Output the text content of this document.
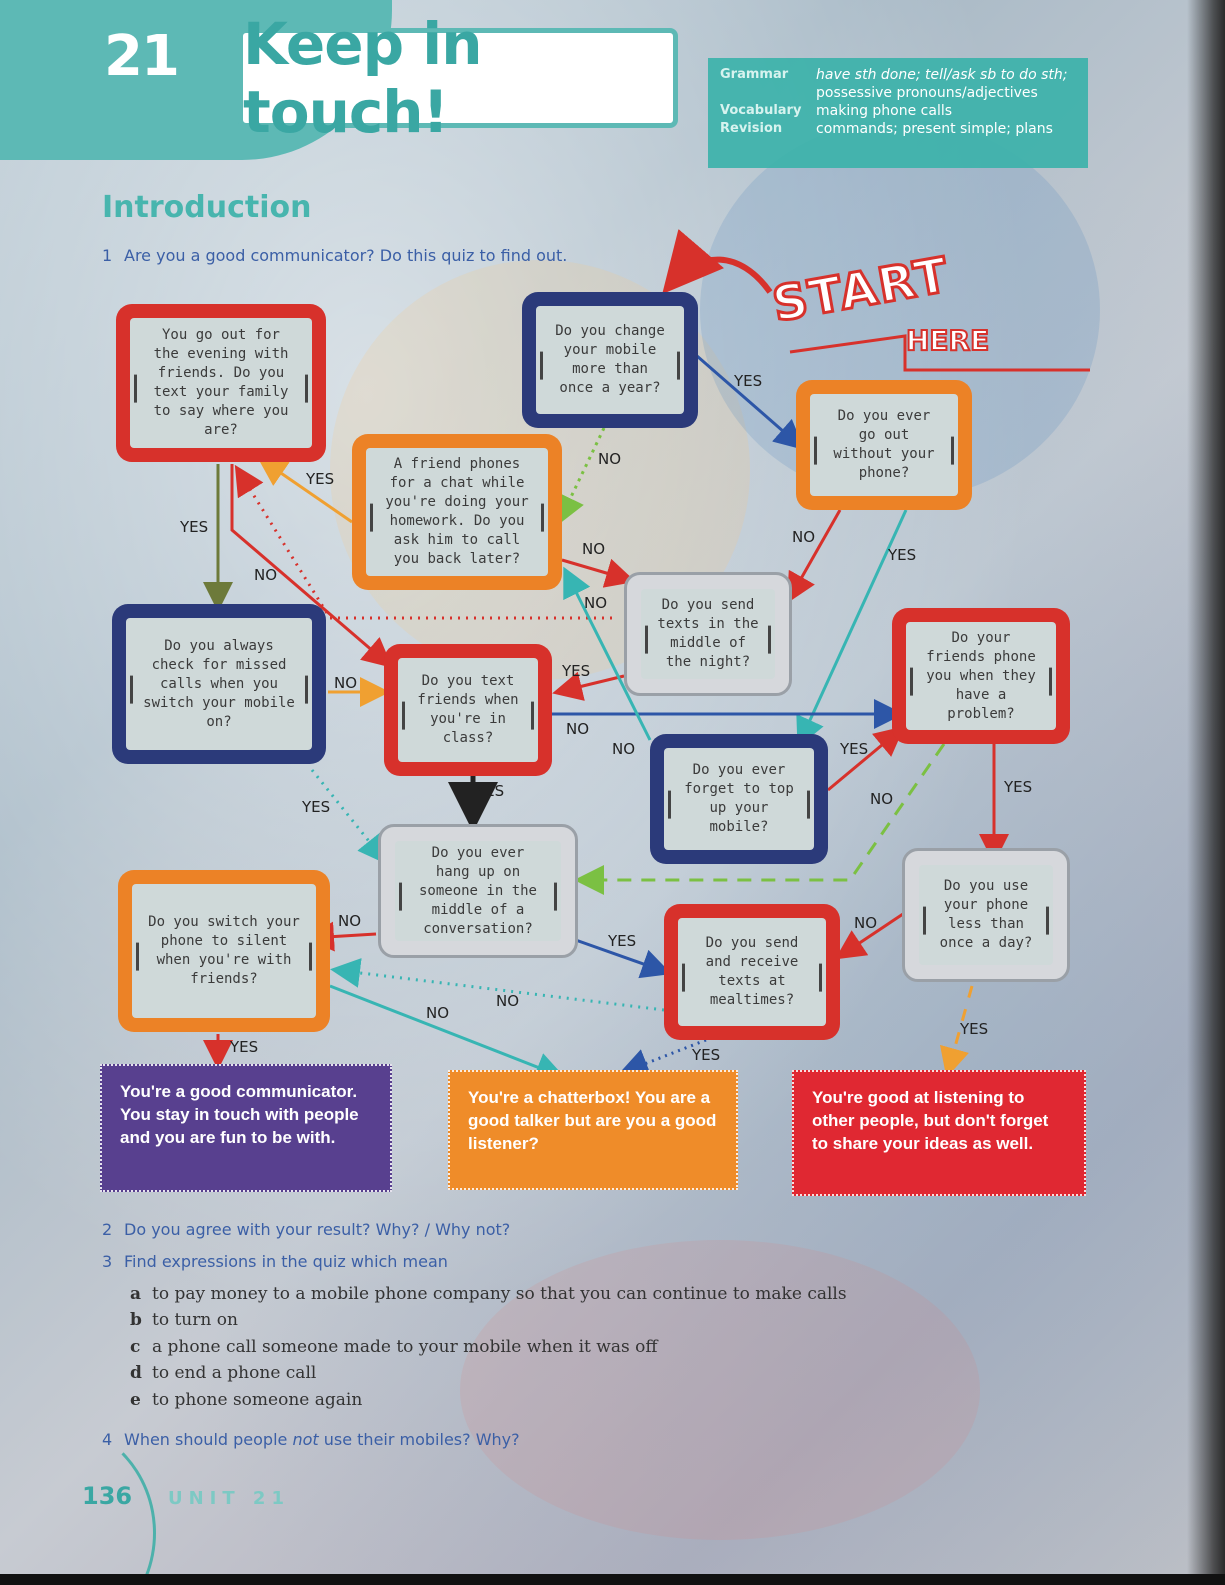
21 Keep in touch!
Grammar	have sth done; tell/ask sb to do sth;
possessive pronouns/adjectives
Vocabulary	making phone calls
Revision	commands; present simple; plans
Introduction
1 Are you a good communicator? Do this quiz to find out.	START
HERE
You go out for the evening with friends. Do you text your family to say where you are?
Do you change your mobile more than once a year?
Do you ever go out without your phone?
A friend phones for a chat while you're doing your homework. Do you ask him to call you back later?
Do you send texts in the middle of the night?
Do you always check for missed calls when you switch your mobile on?
Do you text friends when you're in class?
Do your friends phone you when they have a problem?
Do you ever forget to top up your mobile?
Do you ever hang up on someone in the middle of a conversation?
Do you switch your phone to silent when you're with friends?
Do you use your phone less than once a day?
Do you send and receive texts at mealtimes?
YES
NO
YES
YES
NO
NO
NO
YES
NO
YES
NO
NO
NO	YES
YES	NO
YES
YES
NO
YES
NO
NO
NO
YES	YES
YES
You're a good communicator. You stay in touch with people and you are fun to be with.
You're a chatterbox! You are a good talker but are you a good listener?
You're good at listening to other people, but don't forget to share your ideas as well.
2 Do you agree with your result? Why? / Why not?
3 Find expressions in the quiz which mean
a to pay money to a mobile phone company so that you can continue to make calls
b to turn on
c a phone call someone made to your mobile when it was off
d to end a phone call
e to phone someone again
4 When should people not use their mobiles? Why?
136 UNIT 21
